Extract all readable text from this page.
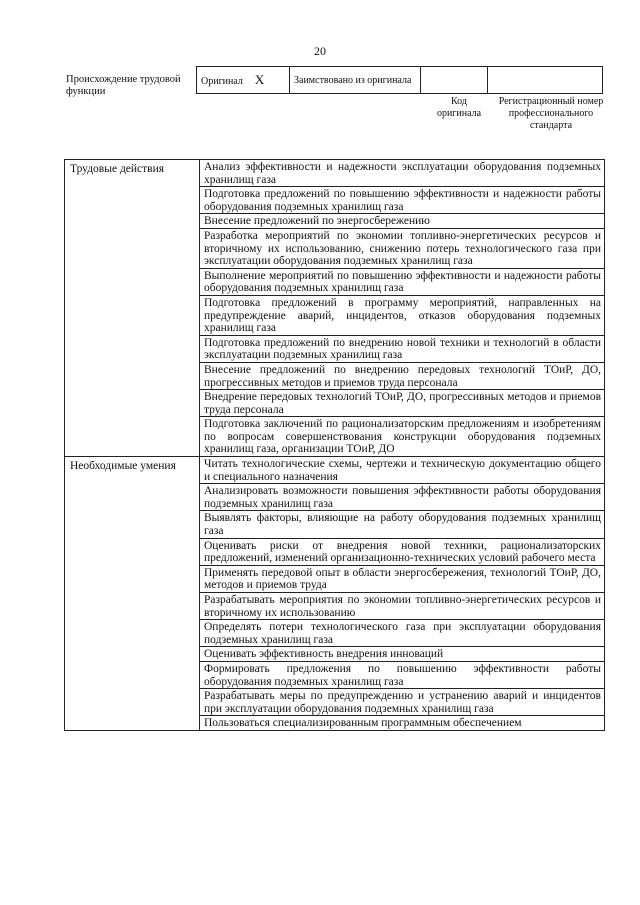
20
Происхождение трудовой функции
Оригинал X	Заимствовано из оригинала		
Код оригинала
Регистрационный номер профессионального стандарта
Трудовые действия	Анализ эффективности и надежности эксплуатации оборудования подземных хранилищ газа
	Подготовка предложений по повышению эффективности и надежности работы оборудования подземных хранилищ газа
	Внесение предложений по энергосбережению
	Разработка мероприятий по экономии топливно-энергетических ресурсов и вторичному их использованию, снижению потерь технологического газа при эксплуатации оборудования подземных хранилищ газа
	Выполнение мероприятий по повышению эффективности и надежности работы оборудования подземных хранилищ газа
	Подготовка предложений в программу мероприятий, направленных на предупреждение аварий, инцидентов, отказов оборудования подземных хранилищ газа
	Подготовка предложений по внедрению новой техники и технологий в области эксплуатации подземных хранилищ газа
	Внесение предложений по внедрению передовых технологий ТОиР, ДО, прогрессивных методов и приемов труда персонала
	Внедрение передовых технологий ТОиР, ДО, прогрессивных методов и приемов труда персонала
	Подготовка заключений по рационализаторским предложениям и изобретениям по вопросам совершенствования конструкции оборудования подземных хранилищ газа, организации ТОиР, ДО
Необходимые умения	Читать технологические схемы, чертежи и техническую документацию общего и специального назначения
	Анализировать возможности повышения эффективности работы оборудования подземных хранилищ газа
	Выявлять факторы, влияющие на работу оборудования подземных хранилищ газа
	Оценивать риски от внедрения новой техники, рационализаторских предложений, изменений организационно-технических условий рабочего места
	Применять передовой опыт в области энергосбережения, технологий ТОиР, ДО, методов и приемов труда
	Разрабатывать мероприятия по экономии топливно-энергетических ресурсов и вторичному их использованию
	Определять потери технологического газа при эксплуатации оборудования подземных хранилищ газа
	Оценивать эффективность внедрения инноваций
	Формировать предложения по повышению эффективности работы оборудования подземных хранилищ газа
	Разрабатывать меры по предупреждению и устранению аварий и инцидентов при эксплуатации оборудования подземных хранилищ газа
	Пользоваться специализированным программным обеспечением
